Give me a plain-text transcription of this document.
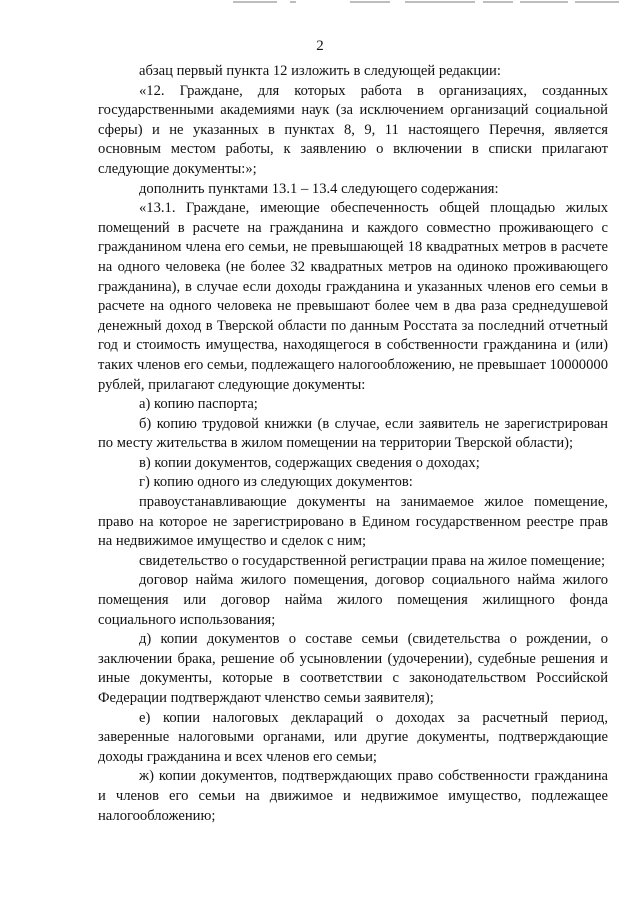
2

абзац первый пункта 12 изложить в следующей редакции:

«12. Граждане, для которых работа в организациях, созданных государственными академиями наук (за исключением организаций социальной сферы) и не указанных в пунктах 8, 9, 11 настоящего Перечня, является основным местом работы, к заявлению о включении в списки прилагают следующие документы:»;

дополнить пунктами 13.1 – 13.4 следующего содержания:

«13.1. Граждане, имеющие обеспеченность общей площадью жилых помещений в расчете на гражданина и каждого совместно проживающего с гражданином члена его семьи, не превышающей 18 квадратных метров в расчете на одного человека (не более 32 квадратных метров на одиноко проживающего гражданина), в случае если доходы гражданина и указанных членов его семьи в расчете на одного человека не превышают более чем в два раза среднедушевой денежный доход в Тверской области по данным Росстата за последний отчетный год и стоимость имущества, находящегося в собственности гражданина и (или) таких членов его семьи, подлежащего налогообложению, не превышает 10000000 рублей, прилагают следующие документы:

а) копию паспорта;

б) копию трудовой книжки (в случае, если заявитель не зарегистрирован по месту жительства в жилом помещении на территории Тверской области);

в) копии документов, содержащих сведения о доходах;

г) копию одного из следующих документов:

правоустанавливающие документы на занимаемое жилое помещение, право на которое не зарегистрировано в Едином государственном реестре прав на недвижимое имущество и сделок с ним;

свидетельство о государственной регистрации права на жилое помещение;

договор найма жилого помещения, договор социального найма жилого помещения или договор найма жилого помещения жилищного фонда социального использования;

д) копии документов о составе семьи (свидетельства о рождении, о заключении брака, решение об усыновлении (удочерении), судебные решения и иные документы, которые в соответствии с законодательством Российской Федерации подтверждают членство семьи заявителя);

е) копии налоговых деклараций о доходах за расчетный период, заверенные налоговыми органами, или другие документы, подтверждающие доходы гражданина и всех членов его семьи;

ж) копии документов, подтверждающих право собственности гражданина и членов его семьи на движимое и недвижимое имущество, подлежащее налогообложению;
